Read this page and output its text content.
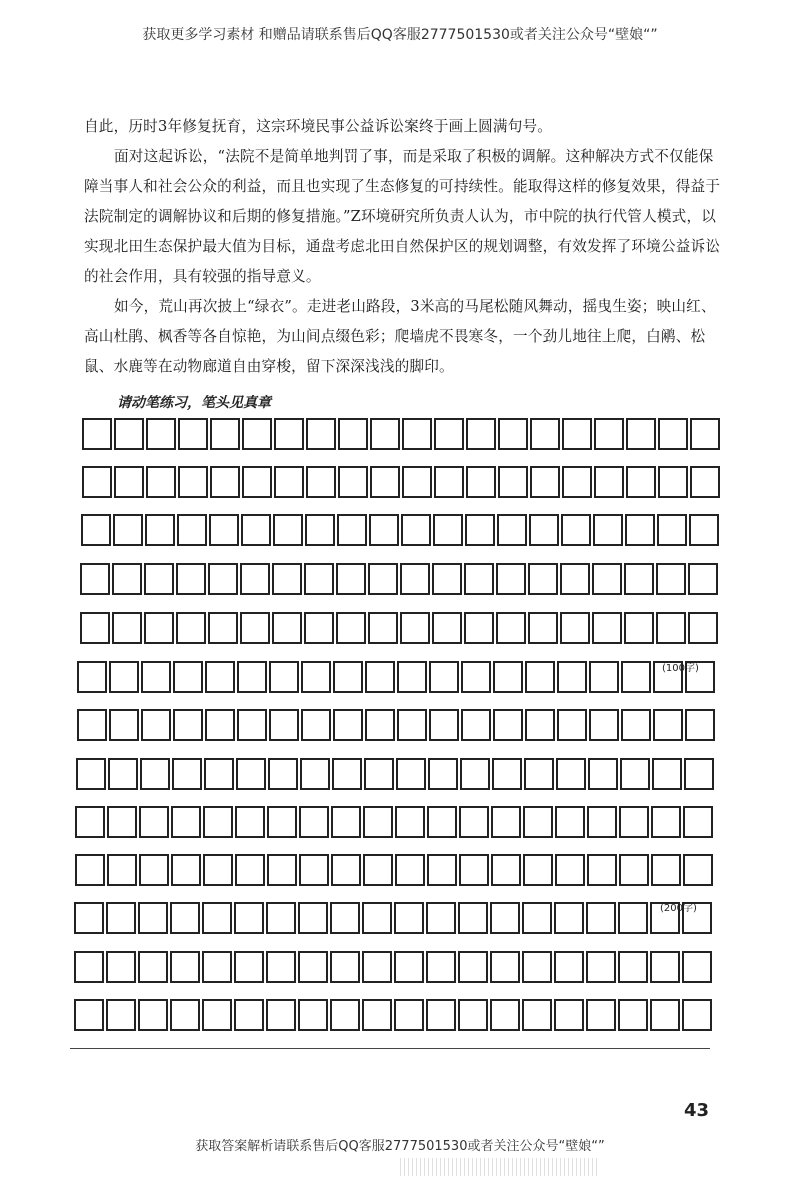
获取更多学习素材 和赠品请联系售后QQ客服2777501530或者关注公众号“壁娘“”

自此，历时3年修复抚育，这宗环境民事公益诉讼案终于画上圆满句号。

面对这起诉讼，“法院不是简单地判罚了事，而是采取了积极的调解。这种解决方式不仅能保障当事人和社会公众的利益，而且也实现了生态修复的可持续性。能取得这样的修复效果，得益于法院制定的调解协议和后期的修复措施。”Z环境研究所负责人认为，市中院的执行代管人模式，以实现北田生态保护最大值为目标，通盘考虑北田自然保护区的规划调整，有效发挥了环境公益诉讼的社会作用，具有较强的指导意义。

如今，荒山再次披上“绿衣”。走进老山路段，3米高的马尾松随风舞动，摇曳生姿；映山红、高山杜鹃、枫香等各自惊艳，为山间点缀色彩；爬墙虎不畏寒冬，一个劲儿地往上爬，白鹇、松鼠、水鹿等在动物廊道自由穿梭，留下深深浅浅的脚印。

请动笔练习，笔头见真章
(100字)
(200字)
43
获取答案解析请联系售后QQ客服2777501530或者关注公众号“壁娘“”
